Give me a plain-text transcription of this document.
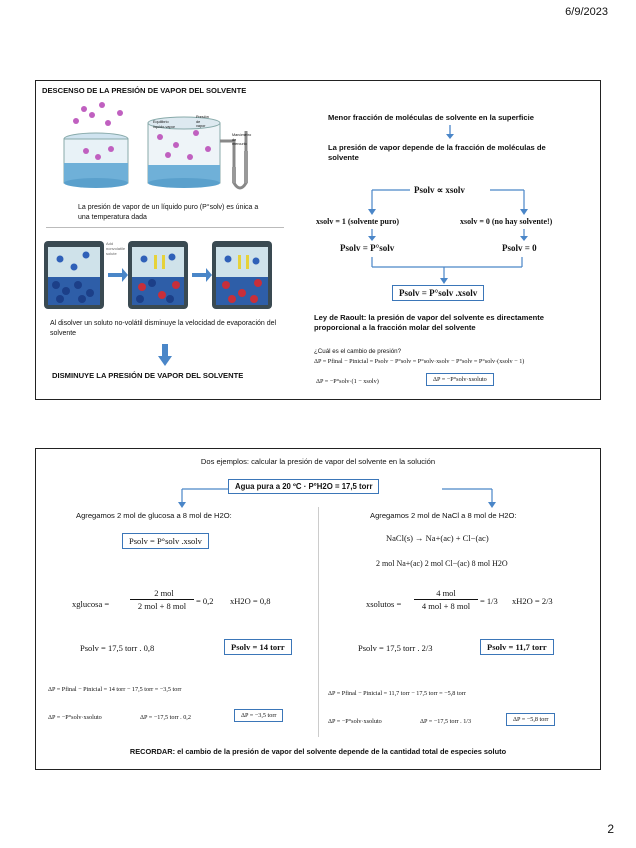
6/9/2023
DESCENSO DE LA PRESIÓN DE VAPOR DEL SOLVENTE
Equilibrio
líquido-vapor
Presión
de
vapor
Manómetro
de
mercurio
La presión de vapor de un líquido puro (P°solv) es única a una temperatura dada
Add
nonvolatile
solute
Al disolver un soluto no-volátil disminuye la velocidad de evaporación del solvente
DISMINUYE LA PRESIÓN DE VAPOR DEL SOLVENTE
Menor fracción de moléculas de solvente en la superficie
La presión de vapor depende de la fracción de moléculas de solvente
Psolv ∝ xsolv
xsolv = 1 (solvente puro)	xsolv = 0 (no hay solvente!)
Psolv = P°solv	Psolv = 0
Psolv = P°solv .xsolv
Ley de Raoult: la presión de vapor del solvente es directamente proporcional a la fracción molar del solvente
¿Cuál es el cambio de presión?
ΔP = Pfinal − Pinicial = Psolv − P°solv = P°solv·xsolv − P°solv = P°solv·(xsolv − 1)
ΔP = −P°solv·(1 − xsolv)	ΔP = −P°solv·xsoluto
Dos ejemplos: calcular la presión de vapor del solvente en la solución
Agua pura a 20 ºC · P°H2O = 17,5 torr
Agregamos 2 mol de glucosa a 8 mol de H2O:
Psolv = P°solv .xsolv
xglucosa =
2 mol
2 mol + 8 mol	= 0,2 xH2O = 0,8
Psolv = 17,5 torr . 0,8	Psolv = 14 torr
ΔP = Pfinal − Pinicial = 14 torr − 17,5 torr = −3,5 torr
ΔP = −P°solv·xsoluto	ΔP = −17,5 torr . 0,2	ΔP = −3,5 torr
Agregamos 2 mol de NaCl a 8 mol de H2O:
NaCl(s) → Na+(ac) + Cl−(ac)
2 mol Na+(ac) 2 mol Cl−(ac) 8 mol H2O
xsolutos =
4 mol
4 mol + 8 mol	= 1/3 xH2O = 2/3
Psolv = 17,5 torr . 2/3	Psolv = 11,7 torr
ΔP = Pfinal − Pinicial = 11,7 torr − 17,5 torr = −5,8 torr
ΔP = −P°solv·xsoluto	ΔP = −17,5 torr . 1/3	ΔP = −5,8 torr
RECORDAR: el cambio de la presión de vapor del solvente depende de la cantidad total de especies soluto
2
